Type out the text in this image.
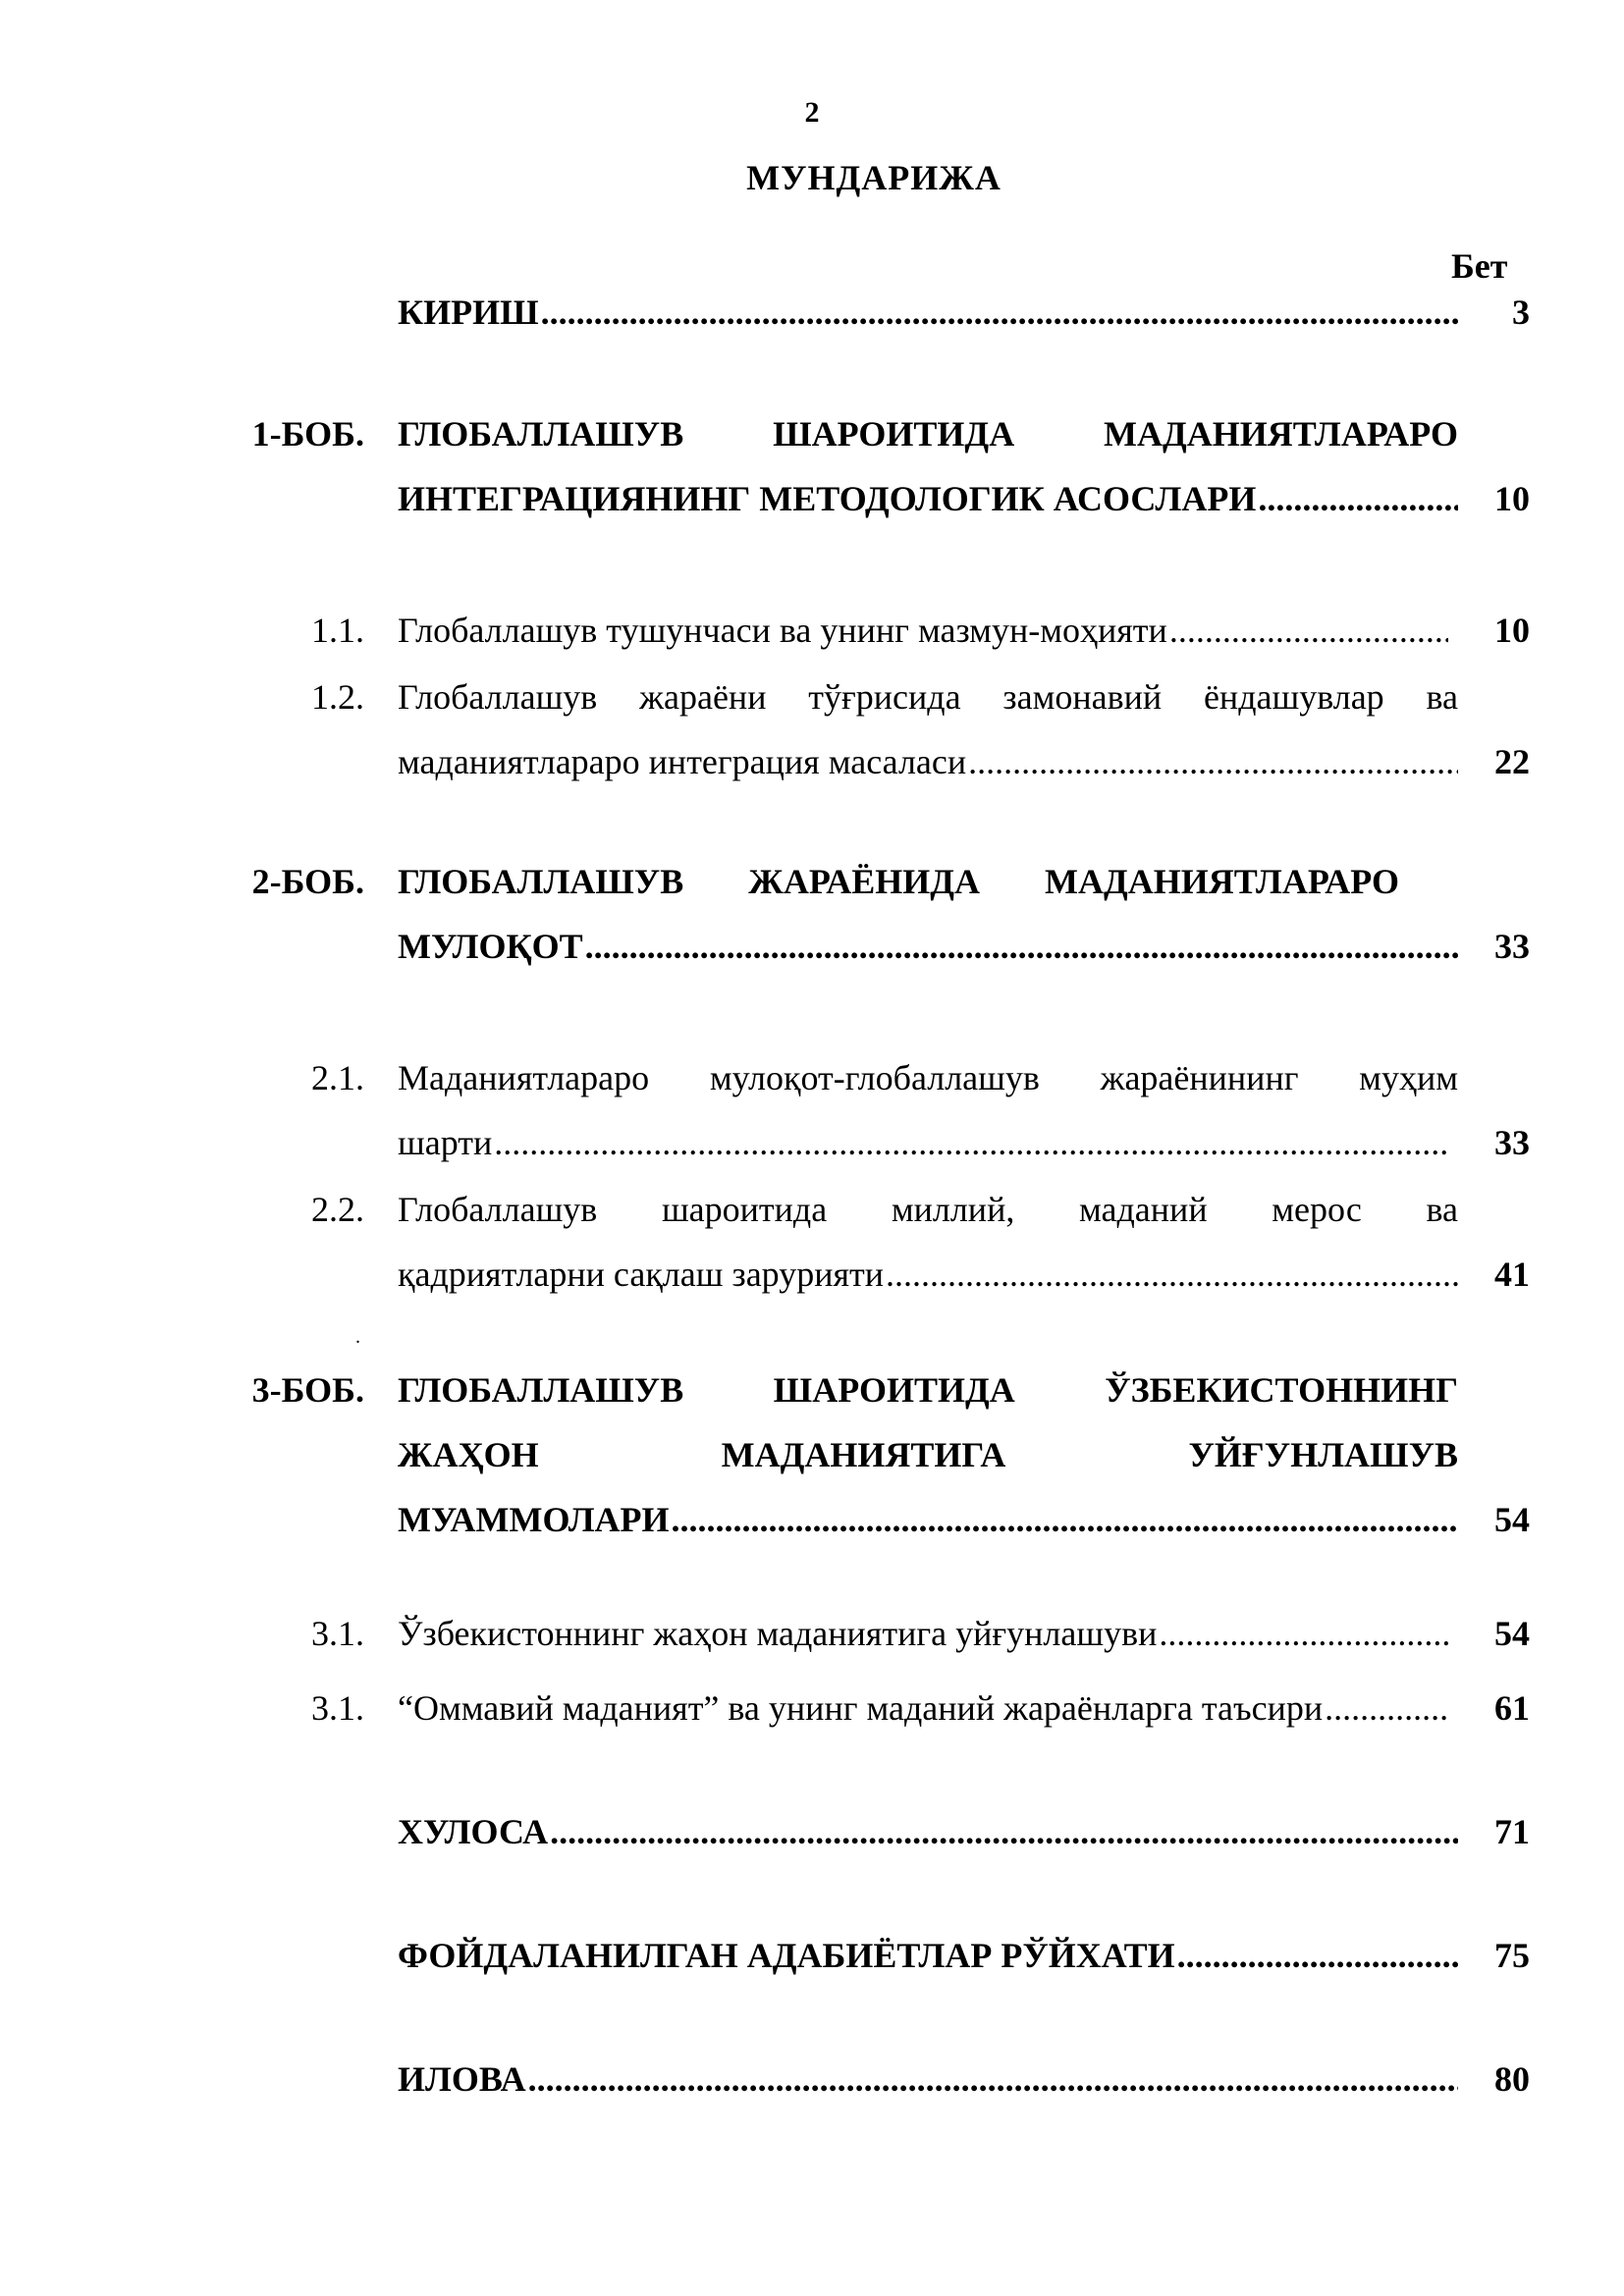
2
МУНДАРИЖА
Бет
КИРИШ .....	3
1-БОБ. ГЛОБАЛЛАШУВ ШАРОИТИДА МАДАНИЯТЛАРАРО
ИНТЕГРАЦИЯНИНГ МЕТОДОЛОГИК АСОСЛАРИ .....	10
1.1. Глобаллашув тушунчаси ва унинг мазмун-моҳияти .....	10
1.2. Глобаллашув жараёни тўғрисида замонавий ёндашувлар ва
маданиятлараро интеграция масаласи .....	22
2-БОБ. ГЛОБАЛЛАШУВ ЖАРАЁНИДА МАДАНИЯТЛАРАРО
МУЛОҚОТ .....	33
2.1. Маданиятлараро мулоқот-глобаллашув жараёнининг муҳим
шарти .....	33
2.2. Глобаллашув шароитида миллий, маданий мерос ва
қадриятларни сақлаш зарурияти .....	41
.
3-БОБ. ГЛОБАЛЛАШУВ ШАРОИТИДА ЎЗБЕКИСТОННИНГ
ЖАҲОН МАДАНИЯТИГА УЙҒУНЛАШУВ
МУАММОЛАРИ .....	54
3.1. Ўзбекистоннинг жаҳон маданиятига уйғунлашуви .....	54
3.1. “Оммавий маданият” ва унинг маданий жараёнларга таъсири .....	61
ХУЛОСА .....	71
ФОЙДАЛАНИЛГАН АДАБИЁТЛАР РЎЙХАТИ .....	75
ИЛОВА .....	80
